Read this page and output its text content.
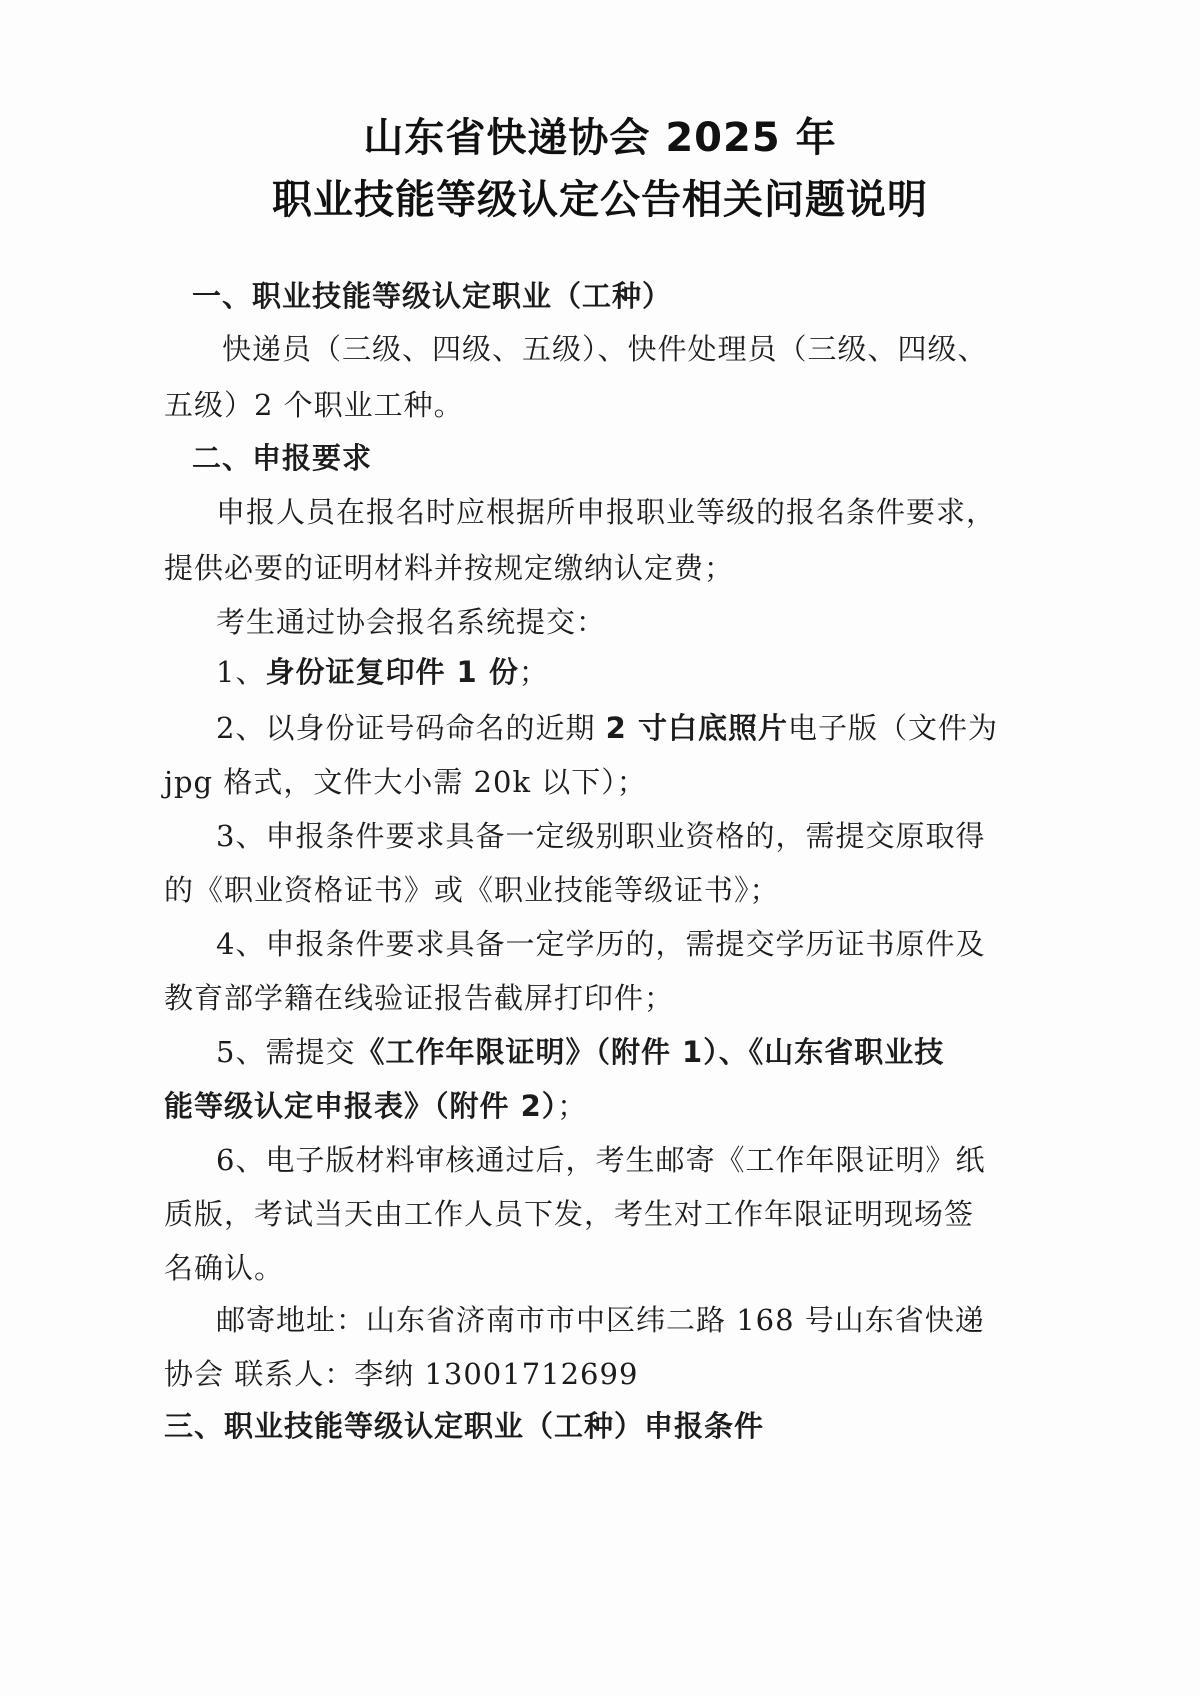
山东省快递协会 2025 年
职业技能等级认定公告相关问题说明
一、职业技能等级认定职业（工种）
快递员（三级、四级、五级）、快件处理员（三级、四级、
五级）2 个职业工种。
二、申报要求
申报人员在报名时应根据所申报职业等级的报名条件要求，
提供必要的证明材料并按规定缴纳认定费；
考生通过协会报名系统提交：
1、身份证复印件 1 份；
2、以身份证号码命名的近期 2 寸白底照片电子版（文件为
jpg 格式，文件大小需 20k 以下）；
3、申报条件要求具备一定级别职业资格的，需提交原取得
的《职业资格证书》或《职业技能等级证书》；
4、申报条件要求具备一定学历的，需提交学历证书原件及
教育部学籍在线验证报告截屏打印件；
5、需提交《工作年限证明》（附件 1）、《山东省职业技
能等级认定申报表》（附件 2）；
6、电子版材料审核通过后，考生邮寄《工作年限证明》纸
质版，考试当天由工作人员下发，考生对工作年限证明现场签
名确认。
邮寄地址：山东省济南市市中区纬二路 168 号山东省快递
协会 联系人：李纳 13001712699
三、职业技能等级认定职业（工种）申报条件
